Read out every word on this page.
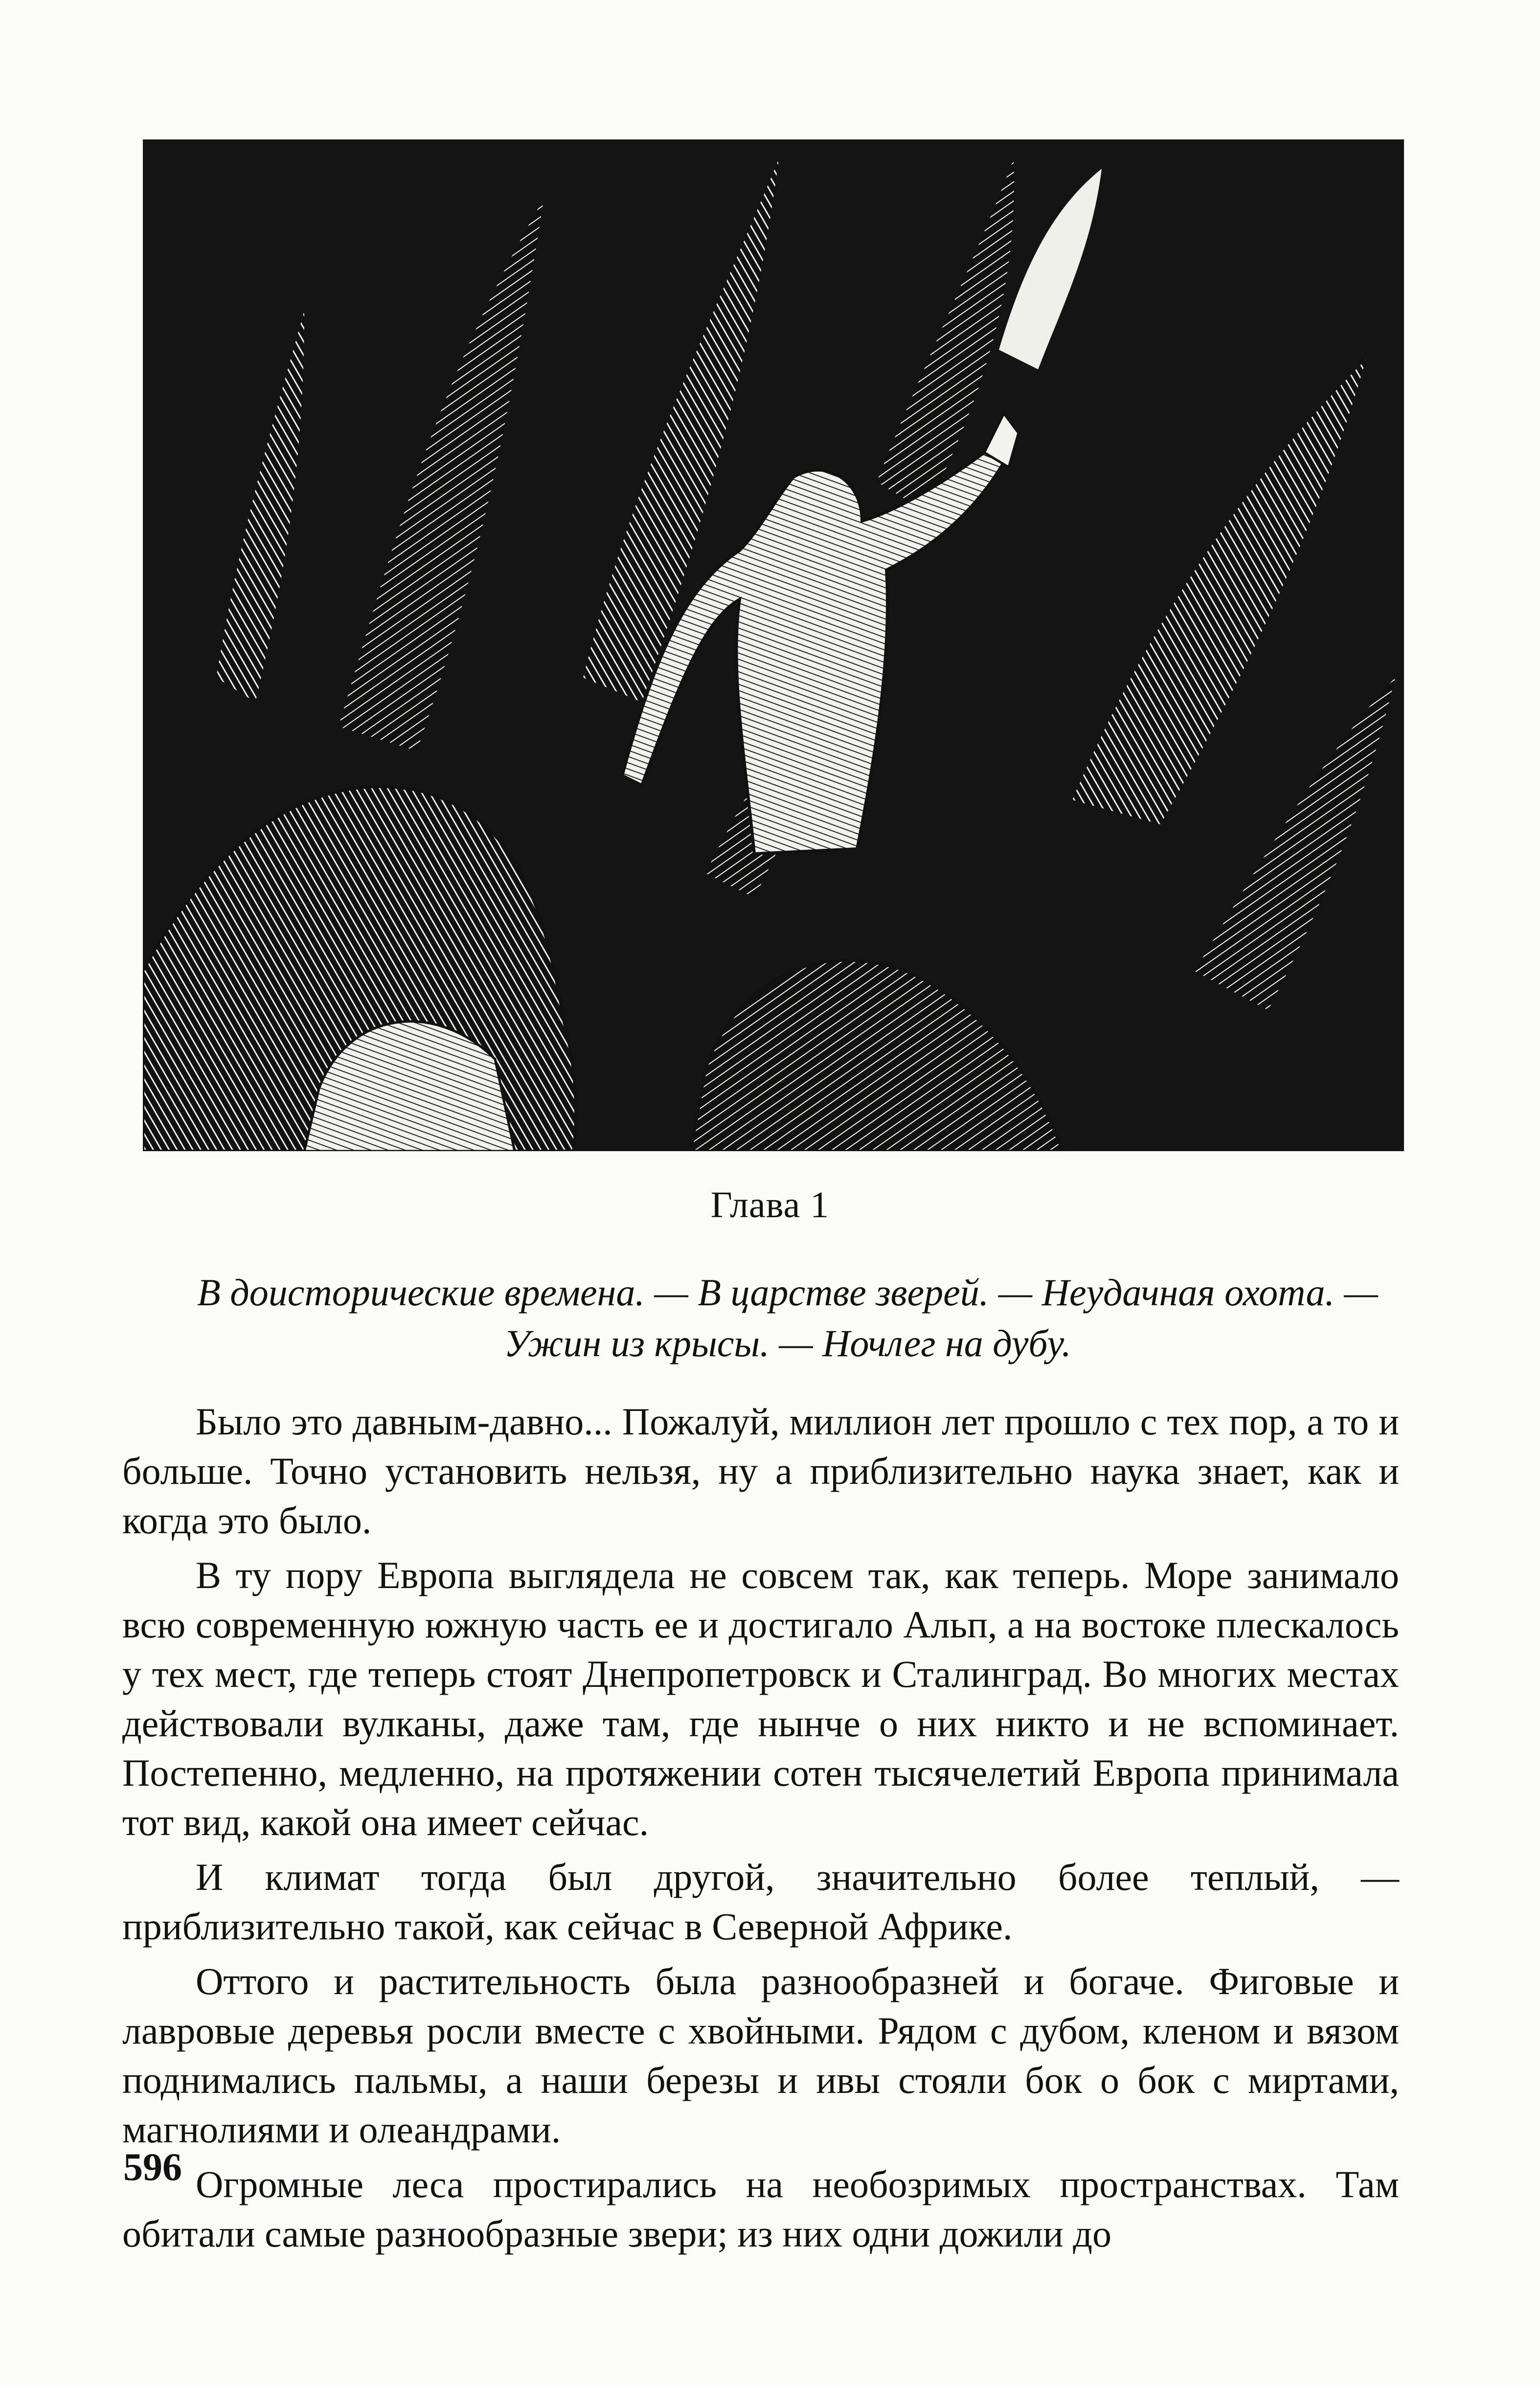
Глава 1
В доисторические времена. — В царстве зверей. — Неудачная охота. — Ужин из крысы. — Ночлег на дубу.

Было это давным-давно... Пожалуй, миллион лет прошло с тех пор, а то и больше. Точно установить нельзя, ну а приблизительно наука знает, как и когда это было.

В ту пору Европа выглядела не совсем так, как теперь. Море занимало всю современную южную часть ее и достигало Альп, а на востоке плескалось у тех мест, где теперь стоят Днепропетровск и Сталинград. Во многих местах действовали вулканы, даже там, где нынче о них никто и не вспоминает. Постепенно, медленно, на протяжении сотен тысячелетий Европа принимала тот вид, какой она имеет сейчас.

И климат тогда был другой, значительно более теплый, — приблизительно такой, как сейчас в Северной Африке.

Оттого и растительность была разнообразней и богаче. Фиговые и лавровые деревья росли вместе с хвойными. Рядом с дубом, кленом и вязом поднимались пальмы, а наши березы и ивы стояли бок о бок с миртами, магнолиями и олеандрами.

Огромные леса простирались на необозримых пространствах. Там обитали самые разнообразные звери; из них одни дожили до

596
